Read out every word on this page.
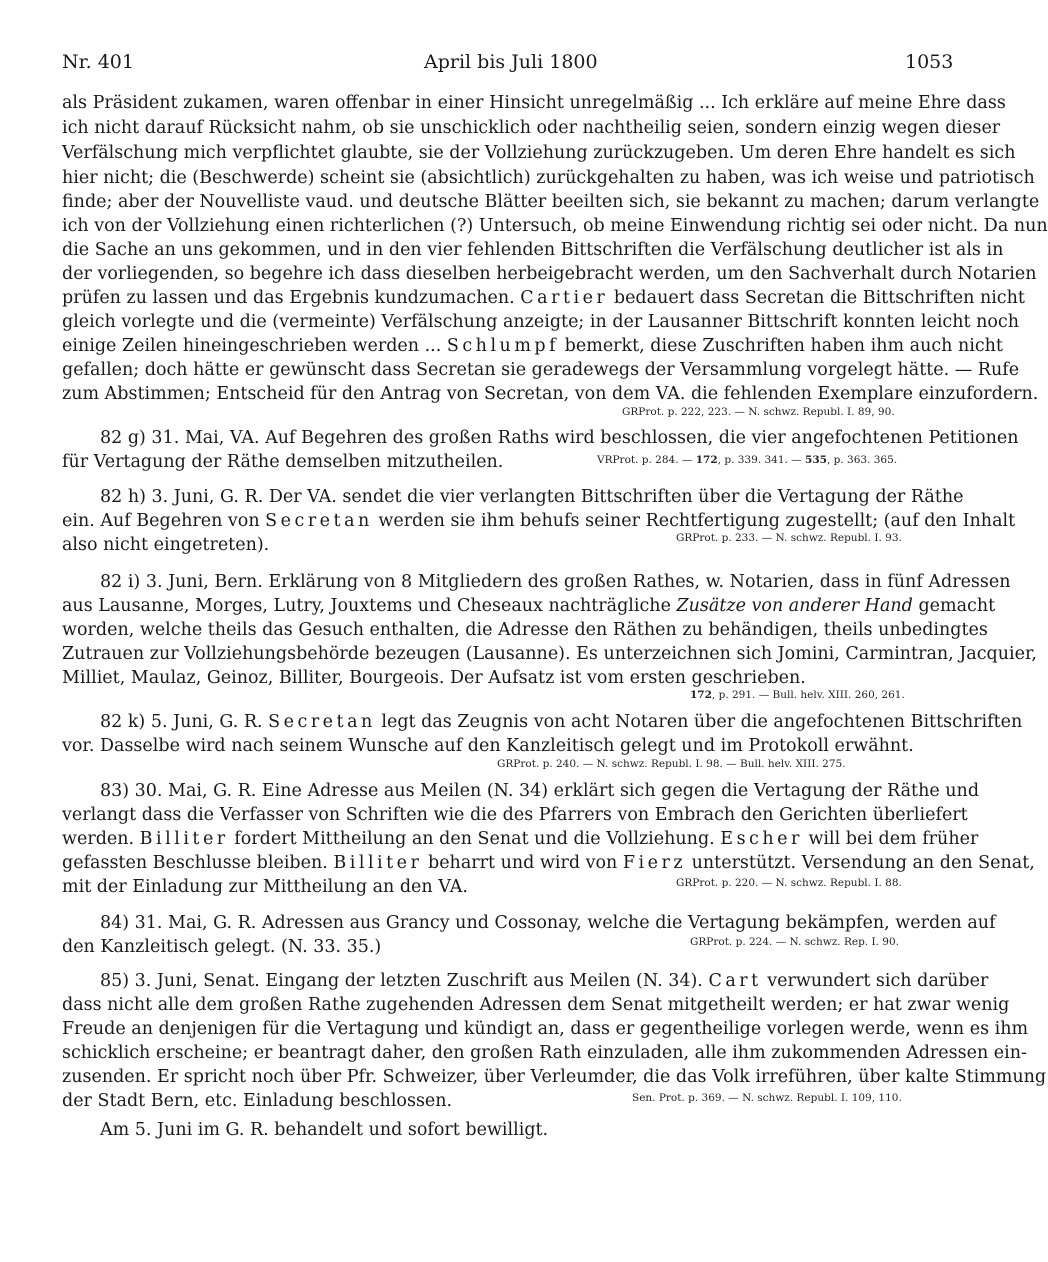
Nr. 401	April bis Juli 1800	1053
als Präsident zukamen, waren offenbar in einer Hinsicht unregelmäßig ... Ich erkläre auf meine Ehre dass
ich nicht darauf Rücksicht nahm, ob sie unschicklich oder nachtheilig seien, sondern einzig wegen dieser
Verfälschung mich verpflichtet glaubte, sie der Vollziehung zurückzugeben. Um deren Ehre handelt es sich
hier nicht; die (Beschwerde) scheint sie (absichtlich) zurückgehalten zu haben, was ich weise und patriotisch
finde; aber der Nouvelliste vaud. und deutsche Blätter beeilten sich, sie bekannt zu machen; darum verlangte
ich von der Vollziehung einen richterlichen (?) Untersuch, ob meine Einwendung richtig sei oder nicht. Da nun
die Sache an uns gekommen, und in den vier fehlenden Bittschriften die Verfälschung deutlicher ist als in
der vorliegenden, so begehre ich dass dieselben herbeigebracht werden, um den Sachverhalt durch Notarien
prüfen zu lassen und das Ergebnis kundzumachen. Cartier bedauert dass Secretan die Bittschriften nicht
gleich vorlegte und die (vermeinte) Verfälschung anzeigte; in der Lausanner Bittschrift konnten leicht noch
einige Zeilen hineingeschrieben werden ... Schlumpf bemerkt, diese Zuschriften haben ihm auch nicht
gefallen; doch hätte er gewünscht dass Secretan sie geradewegs der Versammlung vorgelegt hätte. — Rufe
zum Abstimmen; Entscheid für den Antrag von Secretan, von dem VA. die fehlenden Exemplare einzufordern.
GRProt. p. 222, 223. — N. schwz. Republ. I. 89, 90.
82 g) 31. Mai, VA. Auf Begehren des großen Raths wird beschlossen, die vier angefochtenen Petitionen
für Vertagung der Räthe demselben mitzutheilen.	VRProt. p. 284. — 172, p. 339. 341. — 535, p. 363. 365.
82 h) 3. Juni, G. R. Der VA. sendet die vier verlangten Bittschriften über die Vertagung der Räthe
ein. Auf Begehren von Secretan werden sie ihm behufs seiner Rechtfertigung zugestellt; (auf den Inhalt
also nicht eingetreten).	GRProt. p. 233. — N. schwz. Republ. I. 93.
82 i) 3. Juni, Bern. Erklärung von 8 Mitgliedern des großen Rathes, w. Notarien, dass in fünf Adressen
aus Lausanne, Morges, Lutry, Jouxtems und Cheseaux nachträgliche Zusätze von anderer Hand gemacht
worden, welche theils das Gesuch enthalten, die Adresse den Räthen zu behändigen, theils unbedingtes
Zutrauen zur Vollziehungsbehörde bezeugen (Lausanne). Es unterzeichnen sich Jomini, Carmintran, Jacquier,
Milliet, Maulaz, Geinoz, Billiter, Bourgeois. Der Aufsatz ist vom ersten geschrieben.
172, p. 291. — Bull. helv. XIII. 260, 261.
82 k) 5. Juni, G. R. Secretan legt das Zeugnis von acht Notaren über die angefochtenen Bittschriften
vor. Dasselbe wird nach seinem Wunsche auf den Kanzleitisch gelegt und im Protokoll erwähnt.
GRProt. p. 240. — N. schwz. Republ. I. 98. — Bull. helv. XIII. 275.
83) 30. Mai, G. R. Eine Adresse aus Meilen (N. 34) erklärt sich gegen die Vertagung der Räthe und
verlangt dass die Verfasser von Schriften wie die des Pfarrers von Embrach den Gerichten überliefert
werden. Billiter fordert Mittheilung an den Senat und die Vollziehung. Escher will bei dem früher
gefassten Beschlusse bleiben. Billiter beharrt und wird von Fierz unterstützt. Versendung an den Senat,
mit der Einladung zur Mittheilung an den VA.	GRProt. p. 220. — N. schwz. Republ. I. 88.
84) 31. Mai, G. R. Adressen aus Grancy und Cossonay, welche die Vertagung bekämpfen, werden auf
den Kanzleitisch gelegt. (N. 33. 35.)	GRProt. p. 224. — N. schwz. Rep. I. 90.
85) 3. Juni, Senat. Eingang der letzten Zuschrift aus Meilen (N. 34). Cart verwundert sich darüber
dass nicht alle dem großen Rathe zugehenden Adressen dem Senat mitgetheilt werden; er hat zwar wenig
Freude an denjenigen für die Vertagung und kündigt an, dass er gegentheilige vorlegen werde, wenn es ihm
schicklich erscheine; er beantragt daher, den großen Rath einzuladen, alle ihm zukommenden Adressen ein-
zusenden. Er spricht noch über Pfr. Schweizer, über Verleumder, die das Volk irreführen, über kalte Stimmung
der Stadt Bern, etc. Einladung beschlossen.	Sen. Prot. p. 369. — N. schwz. Republ. I. 109, 110.
Am 5. Juni im G. R. behandelt und sofort bewilligt.
